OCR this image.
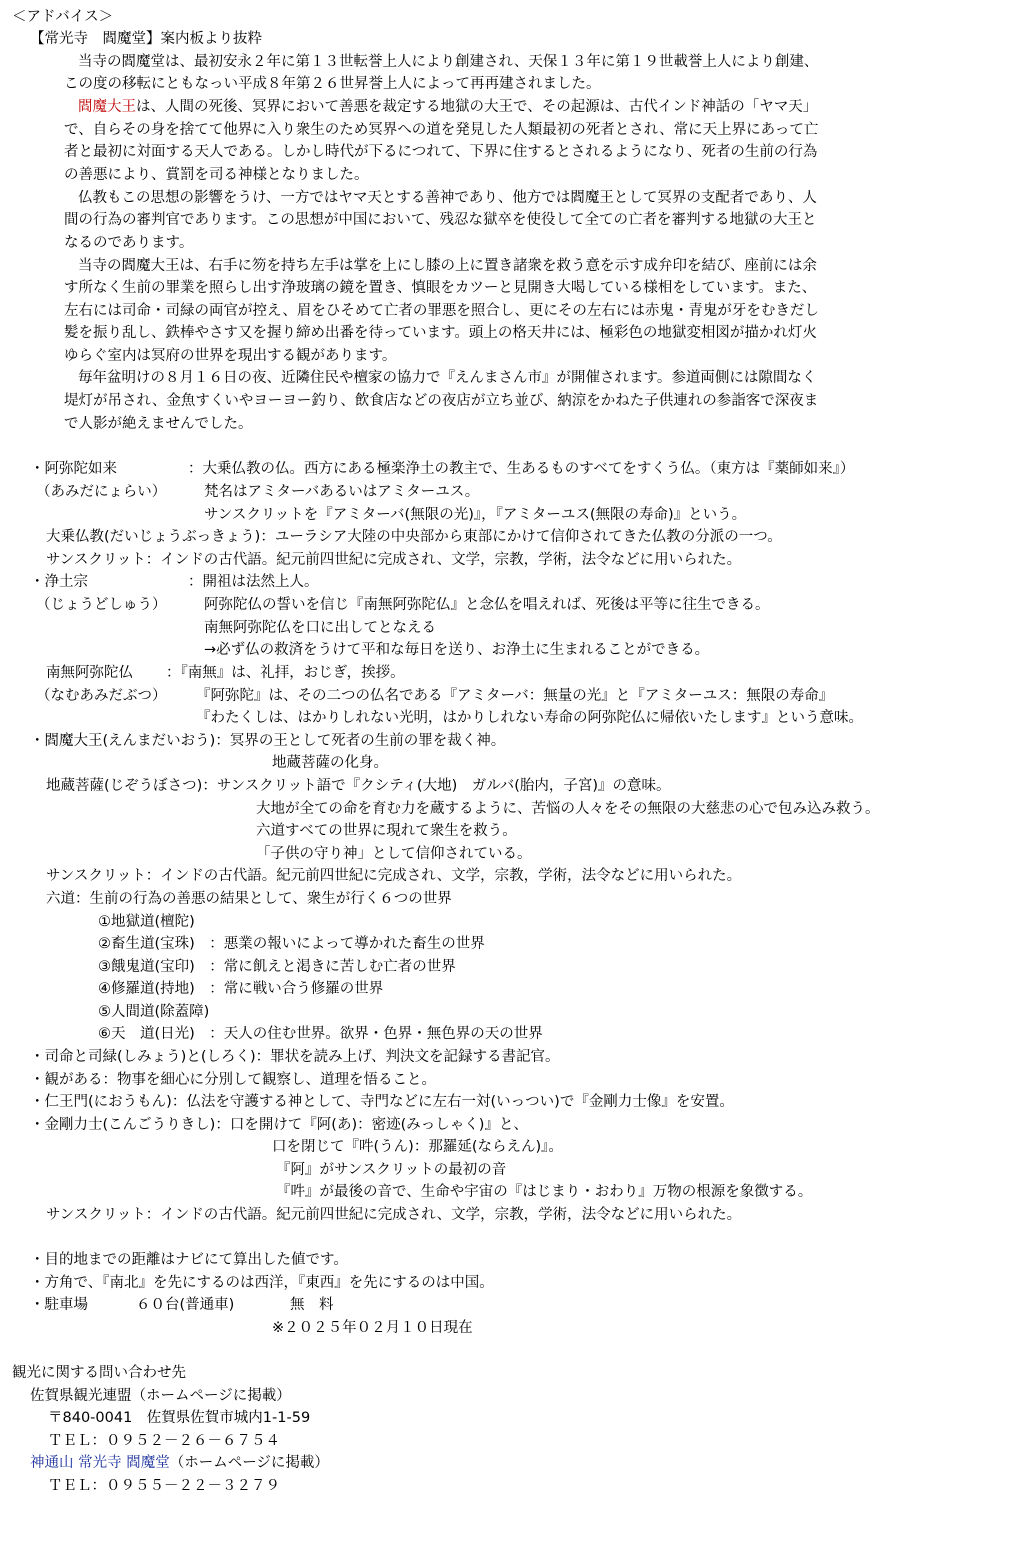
＜アドバイス＞
【常光寺　閻魔堂】案内板より抜粋
当寺の閻魔堂は、最初安永２年に第１３世転誉上人により創建され、天保１３年に第１９世載誉上人により創建、
この度の移転にともなっい平成８年第２６世昇誉上人によって再再建されました。
閻魔大王は、人間の死後、冥界において善悪を裁定する地獄の大王で、その起源は、古代インド神話の「ヤマ天」
で、自らその身を捨てて他界に入り衆生のため冥界への道を発見した人類最初の死者とされ、常に天上界にあって亡
者と最初に対面する天人である。しかし時代が下るにつれて、下界に住するとされるようになり、死者の生前の行為
の善悪により、賞罰を司る神様となりました。
仏教もこの思想の影響をうけ、一方ではヤマ天とする善神であり、他方では閻魔王として冥界の支配者であり、人
間の行為の審判官であります。この思想が中国において、残忍な獄卒を使役して全ての亡者を審判する地獄の大王と
なるのであります。
当寺の閻魔大王は、右手に笏を持ち左手は掌を上にし膝の上に置き諸衆を救う意を示す成弁印を結び、座前には余
す所なく生前の罪業を照らし出す浄玻璃の鏡を置き、慎眼をカツーと見開き大喝している様相をしています。また、
左右には司命・司緑の両官が控え、眉をひそめて亡者の罪悪を照合し、更にその左右には赤鬼・青鬼が牙をむきだし
髪を振り乱し、鉄棒やさす又を握り締め出番を待っています。頭上の格天井には、極彩色の地獄変相図が描かれ灯火
ゆらぐ室内は冥府の世界を現出する観があります。
毎年盆明けの８月１６日の夜、近隣住民や檀家の協力で『えんまさん市』が開催されます。参道両側には隙間なく
堤灯が吊され、金魚すくいやヨーヨー釣り、飲食店などの夜店が立ち並び、納涼をかねた子供連れの参詣客で深夜ま
で人影が絶えませんでした。
・阿弥陀如来	：大乗仏教の仏。西方にある極楽浄土の教主で、生あるものすべてをすくう仏。（東方は『薬師如来』）
（あみだにょらい）	梵名はアミターバあるいはアミターユス。
サンスクリットを『アミターバ(無限の光)』，『アミターユス(無限の寿命)』という。
大乗仏教(だいじょうぶっきょう)：ユーラシア大陸の中央部から東部にかけて信仰されてきた仏教の分派の一つ。
サンスクリット：インドの古代語。紀元前四世紀に完成され、文学，宗教，学術，法令などに用いられた。
・浄土宗	：開祖は法然上人。
（じょうどしゅう）	阿弥陀仏の誓いを信じ『南無阿弥陀仏』と念仏を唱えれば、死後は平等に往生できる。
南無阿弥陀仏を口に出してとなえる
→必ず仏の救済をうけて平和な毎日を送り、お浄土に生まれることができる。
南無阿弥陀仏 ：『南無』は、礼拝，おじぎ，挨拶。
（なむあみだぶつ） 『阿弥陀』は、その二つの仏名である『アミターバ：無量の光』と『アミターユス：無限の寿命』
『わたくしは、はかりしれない光明，はかりしれない寿命の阿弥陀仏に帰依いたします』という意味。
・閻魔大王(えんまだいおう)：冥界の王として死者の生前の罪を裁く神。
地蔵菩薩の化身。
地蔵菩薩(じぞうぼさつ)：サンスクリット語で『クシティ(大地)　ガルバ(胎内，子宮)』の意味。
大地が全ての命を育む力を蔵するように、苦悩の人々をその無限の大慈悲の心で包み込み救う。
六道すべての世界に現れて衆生を救う。
「子供の守り神」として信仰されている。
サンスクリット：インドの古代語。紀元前四世紀に完成され、文学，宗教，学術，法令などに用いられた。
六道：生前の行為の善悪の結果として、衆生が行く６つの世界
①地獄道(檀陀)
②畜生道(宝珠)　：悪業の報いによって導かれた畜生の世界
③餓鬼道(宝印)　：常に飢えと渇きに苦しむ亡者の世界
④修羅道(持地)　：常に戦い合う修羅の世界
⑤人間道(除蓋障)
⑥天　道(日光)　：天人の住む世界。欲界・色界・無色界の天の世界
・司命と司緑(しみょう)と(しろく)：罪状を読み上げ、判決文を記録する書記官。
・観がある：物事を細心に分別して観察し、道理を悟ること。
・仁王門(におうもん)：仏法を守護する神として、寺門などに左右一対(いっつい)で『金剛力士像』を安置。
・金剛力士(こんごうりきし)：口を開けて『阿(あ)：密迹(みっしゃく)』と、
口を閉じて『吽(うん)：那羅延(ならえん)』。
『阿』がサンスクリットの最初の音
『吽』が最後の音で、生命や宇宙の『はじまり・おわり』万物の根源を象徴する。
サンスクリット：インドの古代語。紀元前四世紀に完成され、文学，宗教，学術，法令などに用いられた。
・目的地までの距離はナビにて算出した値です。
・方角で、『南北』を先にするのは西洋，『東西』を先にするのは中国。
・駐車場	６０台(普通車)	無　料
※２０２５年０２月１０日現在
観光に関する問い合わせ先
佐賀県観光連盟（ホームページに掲載）
〒840-0041　佐賀県佐賀市城内1-1-59
ＴＥＬ：０９５２－２６－６７５４
神通山 常光寺 閻魔堂（ホームページに掲載）
ＴＥＬ：０９５５－２２－３２７９
